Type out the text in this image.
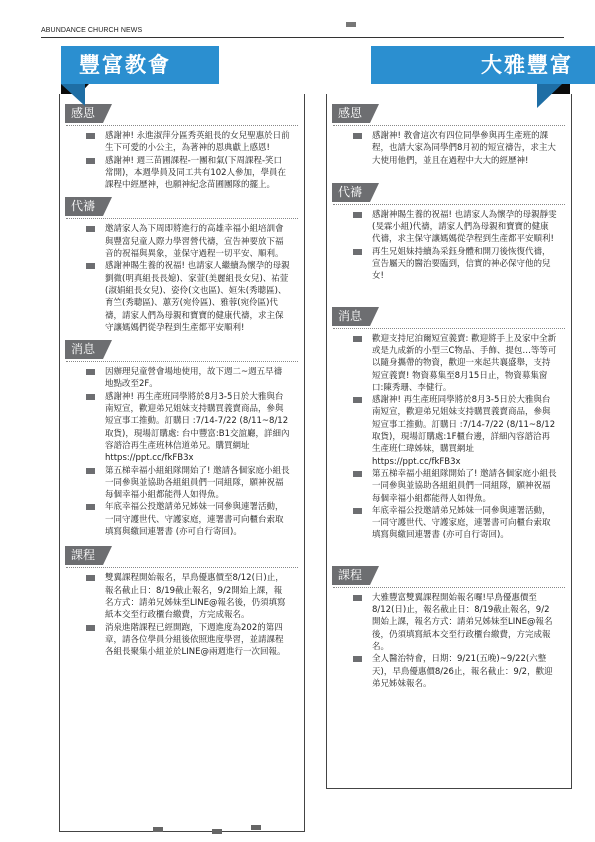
ABUNDANCE CHURCH NEWS
感恩
感謝神! 永進淑萍分區秀英組長的女兒聖惠於日前生下可愛的小公主，為著神的恩典獻上感恩!
感謝神! 週三苗圃課程-一團和氣(下周課程-笑口常開)，本週學員及同工共有102人參加，學員在課程中經歷神，也願神紀念苗圃團隊的擺上。
代禱
邀請家人為下周即將進行的高雄幸福小組培訓會與豐富兒童人際力學習營代禱，宣告神要放下福音的祝福與異象，並保守過程一切平安、順利。
感謝神賜生養的祝福! 也請家人繼續為懷孕的母親劉微(明真組長長媳)、家萱(美麗組長女兒)、祐萱(淑娟組長女兒)、姿伶(文也區)、姮朱(秀聰區)、育竺(秀聰區)、蕙芳(宛伶區)、雅蓉(宛伶區)代禱，請家人們為母親和寶寶的健康代禱，求主保守讓媽媽們從孕程到生產都平安順利!
消息
因辦理兒童營會場地使用，故下週二~週五早禱地點改至2F。
感謝神! 再生產班同學將於8月3-5日於大雅與台南短宣，歡迎弟兄姐妹支持購買義賣商品，參與短宣事工推動。訂購日 :7/14-7/22 (8/11~8/12取貨)，現場訂購處: 台中豐富:B1交誼廳，詳細內容諮洽再生產班林信道弟兄。購買網址 https://ppt.cc/fkFB3x
第五梯幸福小組組隊開始了! 邀請各個家庭小組長一同參與並協助各組組員們一同組隊，願神祝福每個幸福小組都能得人如得魚。
年底幸福公投邀請弟兄姊妹一同參與連署活動，一同守護世代、守護家庭，連署書可向櫃台索取填寫與繳回連署書 (亦可自行寄回)。
課程
雙翼課程開始報名，早鳥優惠價至8/12(日)止，報名截止日：8/19截止報名，9/2開始上課，報名方式：請弟兄姊妹至LINE@報名後，仍須填寫紙本交至行政櫃台繳費，方完成報名。
消泉進階課程已經開跑，下週進度為202的第四章，請各位學員分組後依照進度學習，並請課程各組長聚集小組並於LINE@兩週進行一次回報。
豐富教會
感恩
感謝神! 教會這次有四位同學參與再生產班的課程，也請大家為同學們8月初的短宣禱告，求主大大使用他們，並且在過程中大大的經歷神!
代禱
感謝神賜生養的祝福! 也請家人為懷孕的母親靜雯(旻霖小組)代禱，請家人們為母親和寶寶的健康代禱，求主保守讓媽媽從孕程到生產都平安順利!
再生兄姐妹持續為采鈺身體和開刀後恢復代禱，宣告屬天的醫治要臨到，信實的神必保守他的兒女!
消息
歡迎支持尼泊爾短宣義賣: 歡迎將手上及家中全新或是九成新的小型三C物品、手飾、提包…等等可以隨身攜帶的物資，歡迎一來起共襄盛舉，支持短宣義賣! 物資募集至8月15日止，物資募集窗口:陳秀珊、李健行。
感謝神! 再生產班同學將於8月3-5日於大雅與台南短宣，歡迎弟兄姐妹支持購買義賣商品，參與短宣事工推動。訂購日 :7/14-7/22 (8/11~8/12取貨)，現場訂購處:1F櫃台邊，詳細內容諮洽再生產班仁瑋姊妹，購買網址https://ppt.cc/fkFB3x
第五梯幸福小組組隊開始了! 邀請各個家庭小組長一同參與並協助各組組員們一同組隊，願神祝福每個幸福小組都能得人如得魚。
年底幸福公投邀請弟兄姊妹一同參與連署活動，一同守護世代、守護家庭，連署書可向櫃台索取填寫與繳回連署書 (亦可自行寄回)。
課程
大雅豐富雙翼課程開始報名囉!早鳥優惠價至8/12(日)止，報名截止日：8/19截止報名，9/2開始上課，報名方式：請弟兄姊妹至LINE@報名後，仍須填寫紙本交至行政櫃台繳費，方完成報名。
全人醫治特會，日期：9/21(五晚)~9/22(六整天)，早鳥優惠價8/26止，報名截止：9/2，歡迎弟兄姊妹報名。
大雅豐富
